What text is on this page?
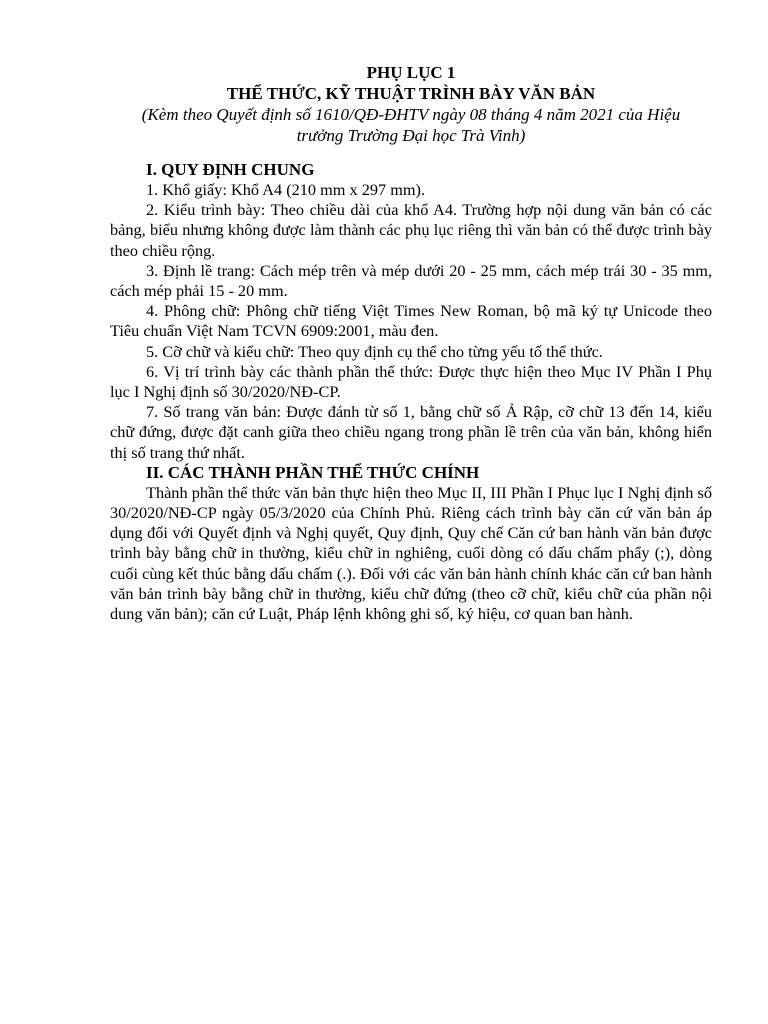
PHỤ LỤC 1
THỂ THỨC, KỸ THUẬT TRÌNH BÀY VĂN BẢN
(Kèm theo Quyết định số 1610/QĐ-ĐHTV ngày 08 tháng 4 năm 2021 của Hiệu trưởng Trường Đại học Trà Vinh)
I. QUY ĐỊNH CHUNG

1. Khổ giấy: Khổ A4 (210 mm x 297 mm).

2. Kiểu trình bày: Theo chiều dài của khổ A4. Trường hợp nội dung văn bản có các bảng, biểu nhưng không được làm thành các phụ lục riêng thì văn bản có thể được trình bày theo chiều rộng.

3. Định lề trang: Cách mép trên và mép dưới 20 - 25 mm, cách mép trái 30 - 35 mm, cách mép phải 15 - 20 mm.

4. Phông chữ: Phông chữ tiếng Việt Times New Roman, bộ mã ký tự Unicode theo Tiêu chuẩn Việt Nam TCVN 6909:2001, màu đen.

5. Cỡ chữ và kiểu chữ: Theo quy định cụ thể cho từng yếu tố thể thức.

6. Vị trí trình bày các thành phần thể thức: Được thực hiện theo Mục IV Phần I Phụ lục I Nghị định số 30/2020/NĐ-CP.

7. Số trang văn bản: Được đánh từ số 1, bằng chữ số Ả Rập, cỡ chữ 13 đến 14, kiểu chữ đứng, được đặt canh giữa theo chiều ngang trong phần lề trên của văn bản, không hiển thị số trang thứ nhất.

II. CÁC THÀNH PHẦN THỂ THỨC CHÍNH

Thành phần thể thức văn bản thực hiện theo Mục II, III Phần I Phục lục I Nghị định số 30/2020/NĐ-CP ngày 05/3/2020 của Chính Phủ. Riêng cách trình bày căn cứ văn bản áp dụng đối với Quyết định và Nghị quyết, Quy định, Quy chế Căn cứ ban hành văn bản được trình bày bằng chữ in thường, kiểu chữ in nghiêng, cuối dòng có dấu chấm phẩy (;), dòng cuối cùng kết thúc bằng dấu chấm (.). Đối với các văn bản hành chính khác căn cứ ban hành văn bản trình bày bằng chữ in thường, kiểu chữ đứng (theo cỡ chữ, kiểu chữ của phần nội dung văn bản); căn cứ Luật, Pháp lệnh không ghi số, ký hiệu, cơ quan ban hành.
